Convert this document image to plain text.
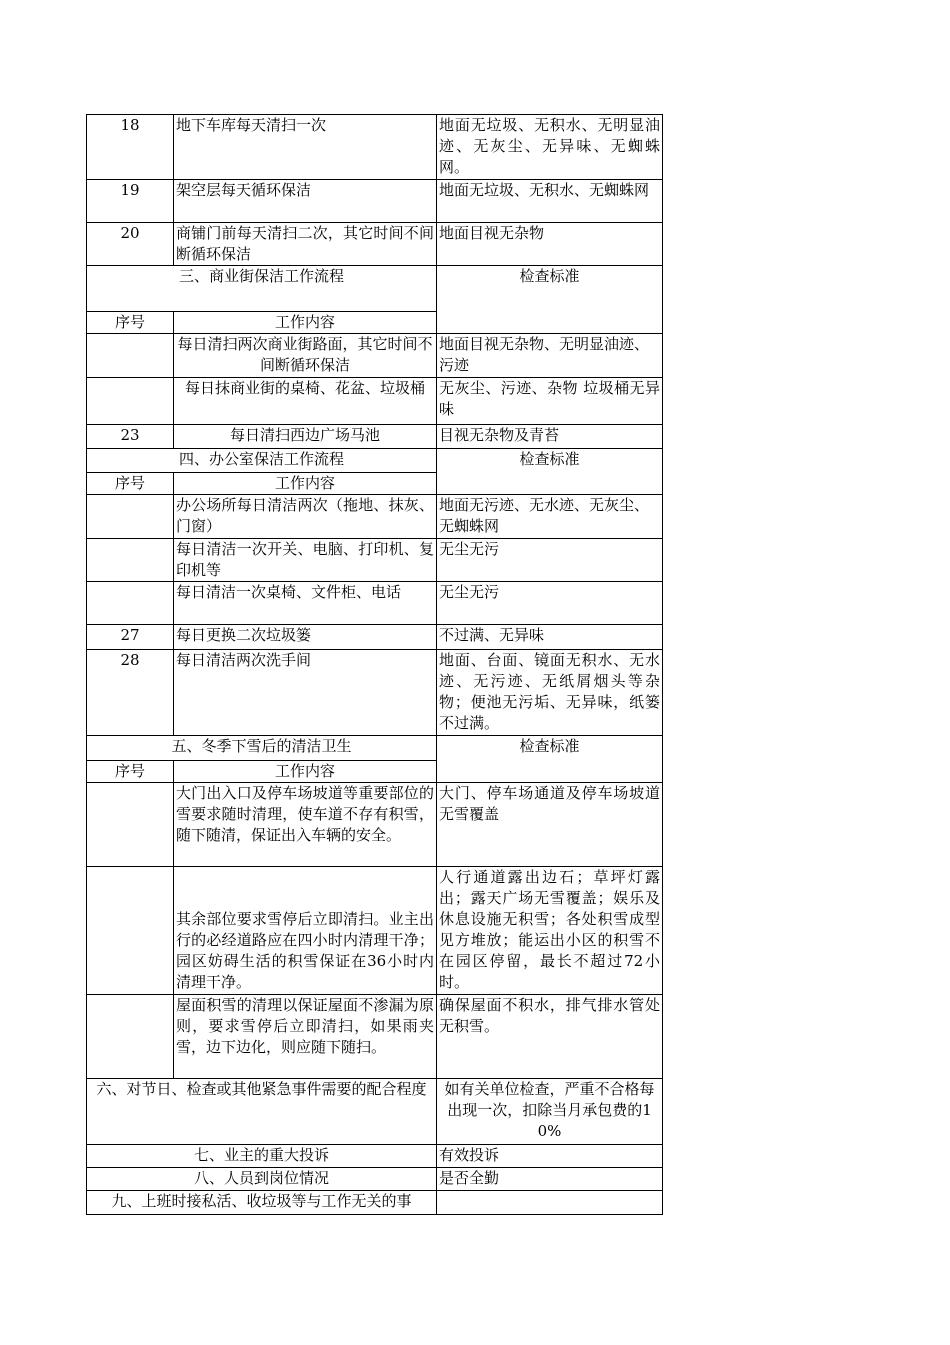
18	地下车库每天清扫一次	地面无垃圾、无积水、无明显油迹、无灰尘、无异味、无蜘蛛网。
19	架空层每天循环保洁	地面无垃圾、无积水、无蜘蛛网
20	商铺门前每天清扫二次，其它时间不间断循环保洁	地面目视无杂物
三、商业街保洁工作流程		检查标准
序号	工作内容	
	每日清扫两次商业街路面，其它时间不间断循环保洁	地面目视无杂物、无明显油迹、污迹
	每日抹商业街的桌椅、花盆、垃圾桶	无灰尘、污迹、杂物 垃圾桶无异味
23	每日清扫西边广场马池	目视无杂物及青苔
四、办公室保洁工作流程		检查标准
序号	工作内容	
	办公场所每日清洁两次（拖地、抹灰、门窗）	地面无污迹、无水迹、无灰尘、无蜘蛛网
	每日清洁一次开关、电脑、打印机、复印机等	无尘无污
	每日清洁一次桌椅、文件柜、电话	无尘无污
27	每日更换二次垃圾篓	不过满、无异味
28	每日清洁两次洗手间	地面、台面、镜面无积水、无水迹、无污迹、无纸屑烟头等杂物；便池无污垢、无异味，纸篓不过满。
五、冬季下雪后的清洁卫生		检查标准
序号	工作内容	
	大门出入口及停车场坡道等重要部位的雪要求随时清理，使车道不存有积雪，随下随清，保证出入车辆的安全。	大门、停车场通道及停车场坡道无雪覆盖
	其余部位要求雪停后立即清扫。业主出行的必经道路应在四小时内清理干净；园区妨碍生活的积雪保证在36小时内清理干净。	人行通道露出边石；草坪灯露出；露天广场无雪覆盖；娱乐及休息设施无积雪；各处积雪成型见方堆放；能运出小区的积雪不在园区停留，最长不超过72小时。
	屋面积雪的清理以保证屋面不渗漏为原则，要求雪停后立即清扫，如果雨夹雪，边下边化，则应随下随扫。	确保屋面不积水，排气排水管处无积雪。
六、对节日、检查或其他紧急事件需要的配合程度		如有关单位检查，严重不合格每出现一次，扣除当月承包费的10%
七、业主的重大投诉		有效投诉
八、人员到岗位情况		是否全勤
九、上班时接私活、收垃圾等与工作无关的事		
